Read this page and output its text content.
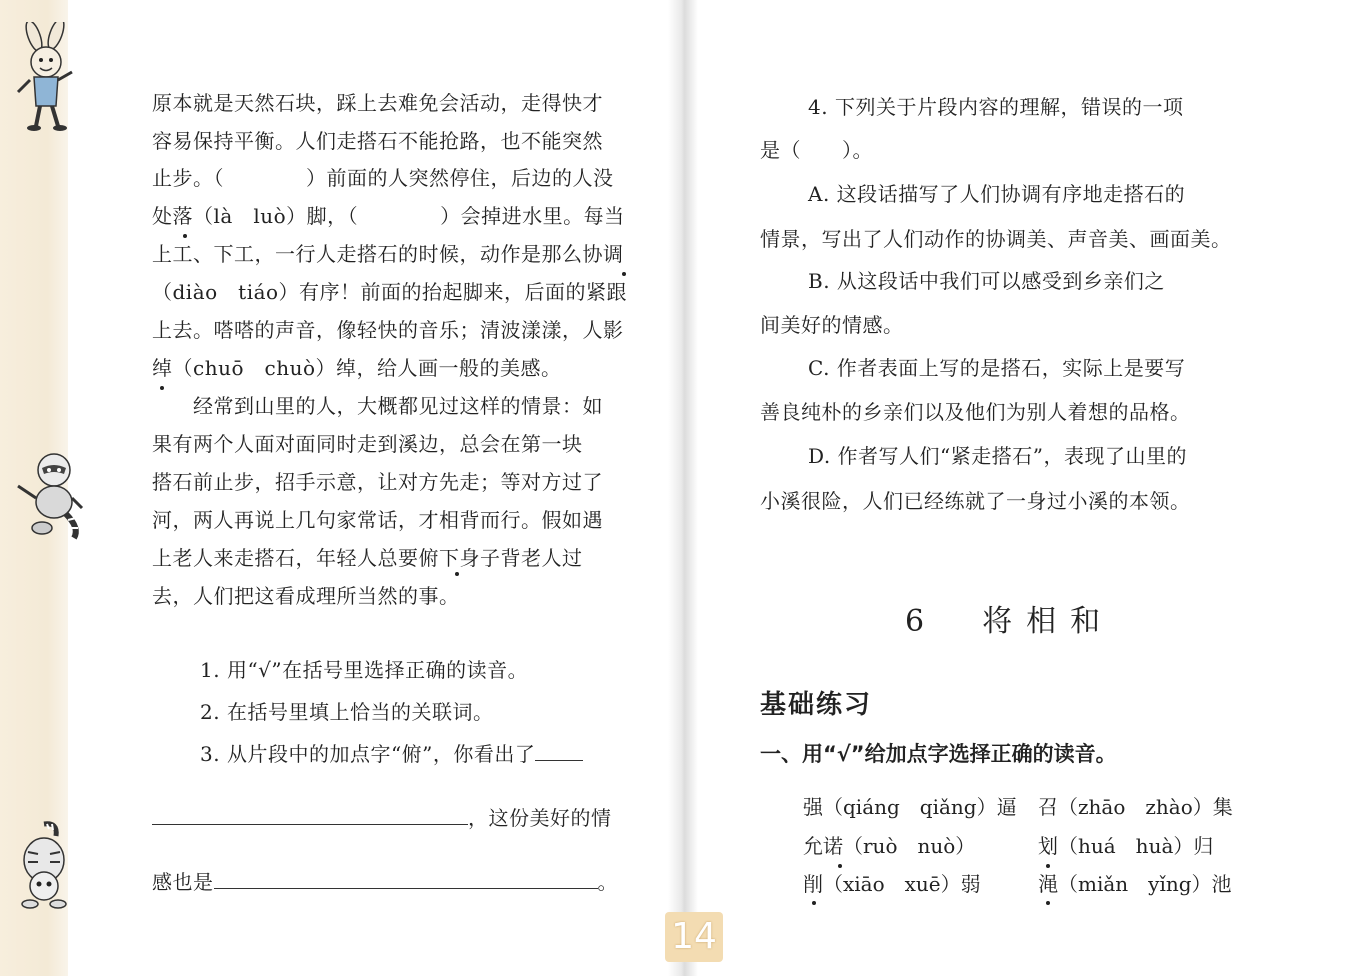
原本就是天然石块，踩上去难免会活动，走得快才
容易保持平衡。人们走搭石不能抢路，也不能突然
止步。（　　　　）前面的人突然停住，后边的人没
处落（là　luò）脚，（　　　　）会掉进水里。每当
上工、下工，一行人走搭石的时候，动作是那么协调
（diào　tiáo）有序！前面的抬起脚来，后面的紧跟
上去。嗒嗒的声音，像轻快的音乐；清波漾漾，人影
绰（chuō　chuò）绰，给人画一般的美感。
　　经常到山里的人，大概都见过这样的情景：如
果有两个人面对面同时走到溪边，总会在第一块
搭石前止步，招手示意，让对方先走；等对方过了
河，两人再说上几句家常话，才相背而行。假如遇
上老人来走搭石，年轻人总要俯下身子背老人过
去，人们把这看成理所当然的事。
1. 用“√”在括号里选择正确的读音。
2. 在括号里填上恰当的关联词。
3. 从片段中的加点字“俯”，你看出了
，这份美好的情
感也是	。
4. 下列关于片段内容的理解，错误的一项
是（　　）。
A. 这段话描写了人们协调有序地走搭石的
情景，写出了人们动作的协调美、声音美、画面美。
B. 从这段话中我们可以感受到乡亲们之
间美好的情感。
C. 作者表面上写的是搭石，实际上是要写
善良纯朴的乡亲们以及他们为别人着想的品格。
D. 作者写人们“紧走搭石”，表现了山里的
小溪很险，人们已经练就了一身过小溪的本领。
6　将相和
基础练习
一、用“√”给加点字选择正确的读音。
强（qiáng　qiǎng）逼 召（zhāo　zhào）集
允诺（ruò　nuò）	划（huá　huà）归
削（xiāo　xuē）弱	渑（miǎn　yǐng）池
14
